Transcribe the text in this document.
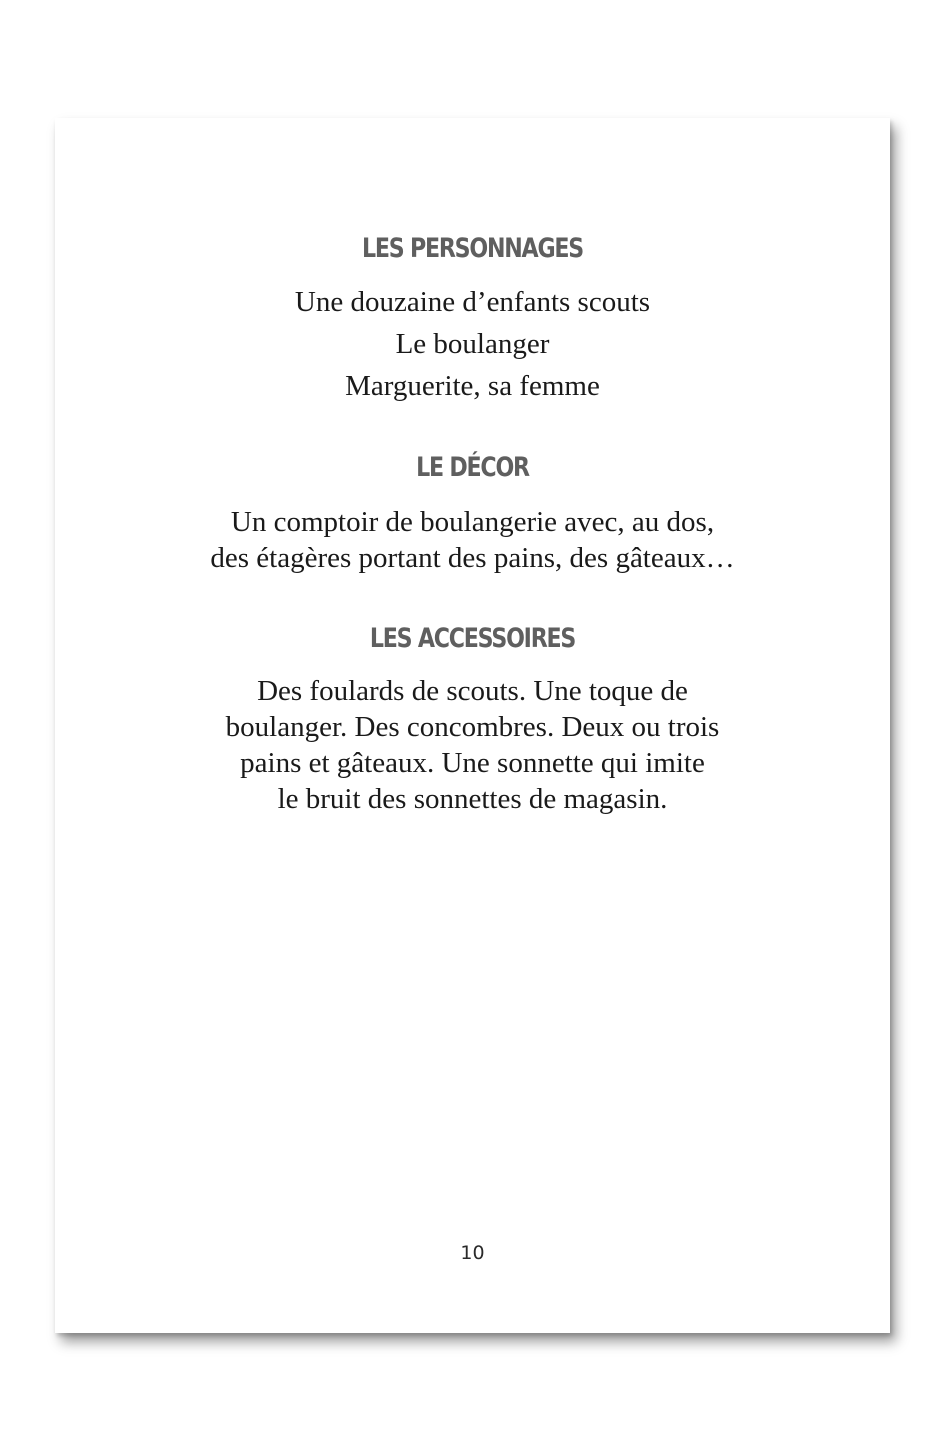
LES PERSONNAGES
Une douzaine d’enfants scouts
Le boulanger
Marguerite, sa femme
LE DÉCOR
Un comptoir de boulangerie avec, au dos,
des étagères portant des pains, des gâteaux…
LES ACCESSOIRES
Des foulards de scouts. Une toque de
boulanger. Des concombres. Deux ou trois
pains et gâteaux. Une sonnette qui imite
le bruit des sonnettes de magasin.
10
